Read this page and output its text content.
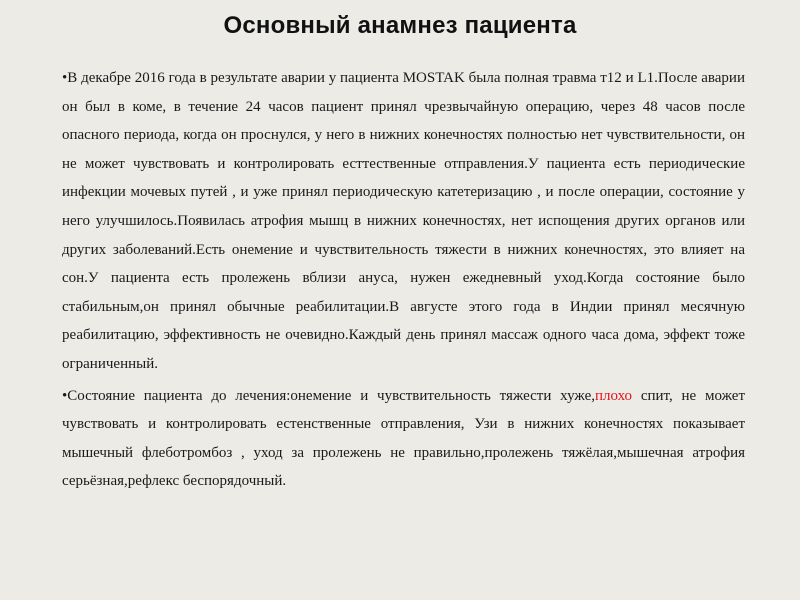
Основный анамнез пациента

•В декабре 2016 года в результате аварии у пациента MOSTAK была полная травма т12 и L1.После аварии он был в коме, в течение 24 часов пациент принял чрезвычайную операцию, через 48 часов после опасного периода, когда он проснулся, у него в нижних конечностях полностью нет чувствительности, он не может чувствовать и контролировать есттественные отправления.У пациента есть периодические инфекции мочевых путей , и уже принял периодическую катетеризацию , и после операции, состояние у него улучшилось.Появилась атрофия мышц в нижних конечностях, нет испощения других органов или других заболеваний.Есть онемение и чувствительность тяжести в нижних конечностях, это влияет на сон.У пациента есть пролежень вблизи ануса, нужен ежедневный уход.Когда состояние было стабильным,он принял обычные реабилитации.В августе этого года в Индии принял месячную реабилитацию, эффективность не очевидно.Каждый день принял массаж одного часа дома, эффект тоже ограниченный.

•Состояние пациента до лечения:онемение и чувствительность тяжести хуже,плохо спит, не может чувствовать и контролировать естенственные отправления, Узи в нижних конечностях показывает мышечный флеботромбоз , уход за пролежень не правильно,пролежень тяжёлая,мышечная атрофия серьёзная,рефлекс беспорядочный.
